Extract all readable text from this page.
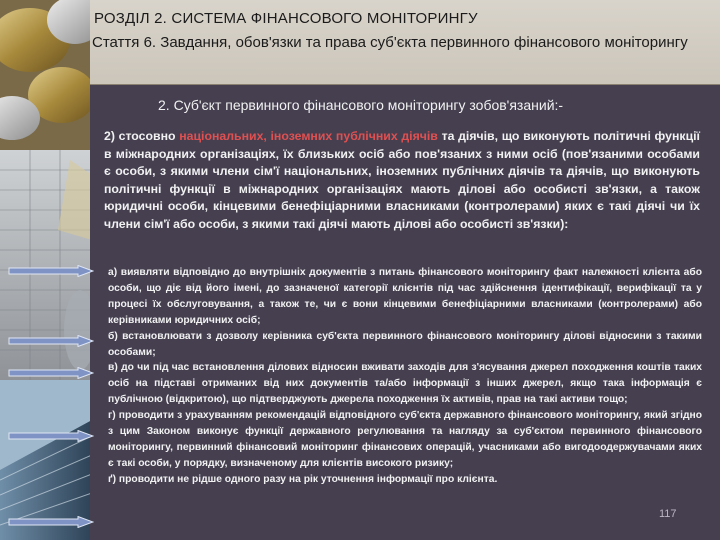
РОЗДІЛ 2. СИСТЕМА ФІНАНСОВОГО МОНІТОРИНГУ
Стаття 6. Завдання, обов'язки та права суб'єкта первинного фінансового моніторингу

2. Суб'єкт первинного фінансового моніторингу зобов'язаний:-

2) стосовно національних, іноземних публічних діячів та діячів, що виконують політичні функції в міжнародних організаціях, їх близьких осіб або пов'язаних з ними осіб (пов'язаними особами є особи, з якими члени сім'ї національних, іноземних публічних діячів та діячів, що виконують політичні функції в міжнародних організаціях мають ділові або особисті зв'язки, а також юридичні особи, кінцевими бенефіціарними власниками (контролерами) яких є такі діячі чи їх члени сім'ї або особи, з якими такі діячі мають ділові або особисті зв'язки):

а) виявляти відповідно до внутрішніх документів з питань фінансового моніторингу факт належності клієнта або особи, що діє від його імені, до зазначеної категорії клієнтів під час здійснення ідентифікації, верифікації та у процесі їх обслуговування, а також те, чи є вони кінцевими бенефіціарними власниками (контролерами) або керівниками юридичних осіб;

б) встановлювати з дозволу керівника суб'єкта первинного фінансового моніторингу ділові відносини з такими особами;

в) до чи під час встановлення ділових відносин вживати заходів для з'ясування джерел походження коштів таких осіб на підставі отриманих від них документів та/або інформації з інших джерел, якщо така інформація є публічною (відкритою), що підтверджують джерела походження їх активів, прав на такі активи тощо;

г) проводити з урахуванням рекомендацій відповідного суб'єкта державного фінансового моніторингу, який згідно з цим Законом виконує функції державного регулювання та нагляду за суб'єктом первинного фінансового моніторингу, первинний фінансовий моніторинг фінансових операцій, учасниками або вигодоодержувачами яких є такі особи, у порядку, визначеному для клієнтів високого ризику;

ґ) проводити не рідше одного разу на рік уточнення інформації про клієнта.

117
